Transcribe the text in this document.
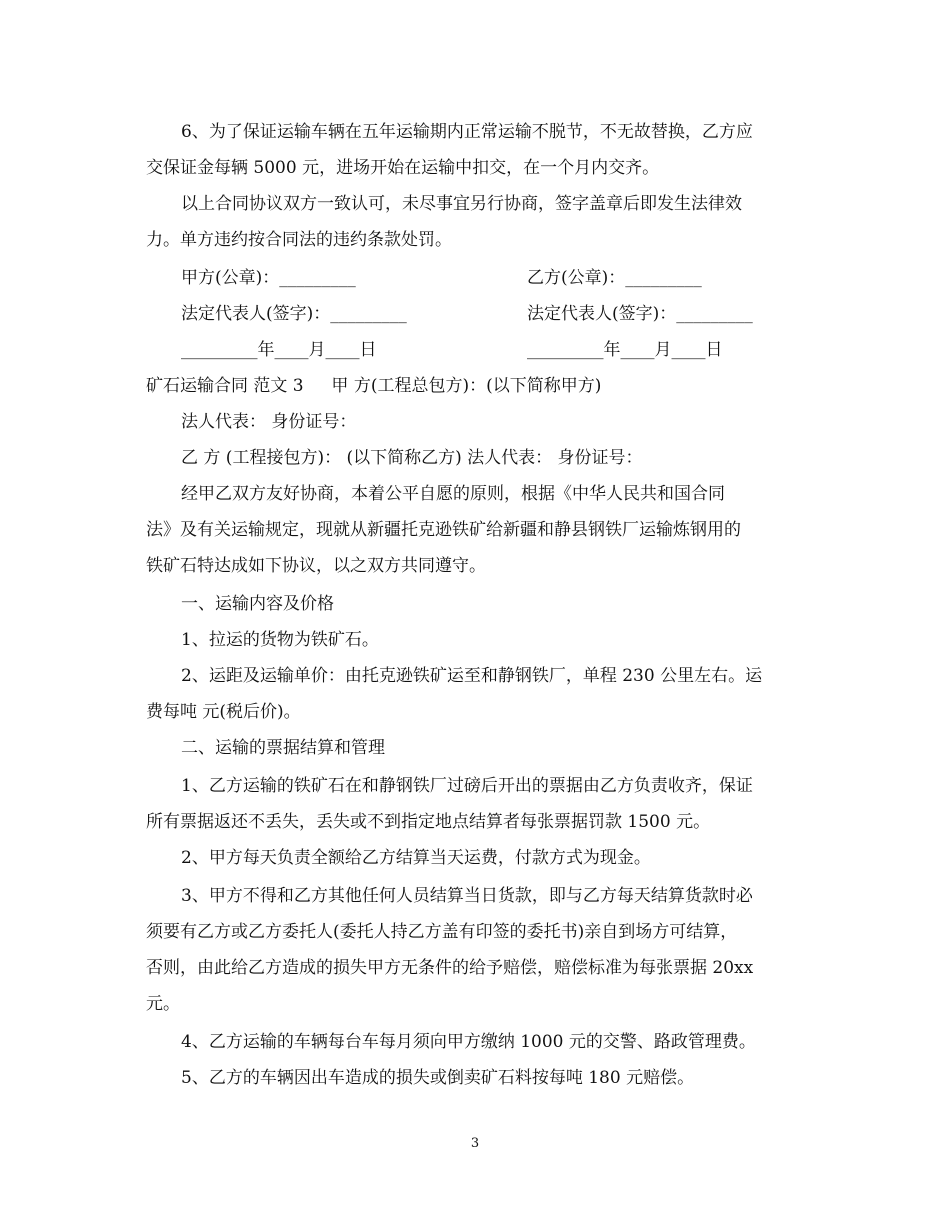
6、为了保证运输车辆在五年运输期内正常运输不脱节，不无故替换，乙方应
交保证金每辆 5000 元，进场开始在运输中扣交，在一个月内交齐。
以上合同协议双方一致认可，未尽事宜另行协商，签字盖章后即发生法律效
力。单方违约按合同法的违约条款处罚。
甲方(公章)：_________	乙方(公章)：_________
法定代表人(签字)：_________	法定代表人(签字)：_________
_________年____月____日	_________年____月____日
矿石运输合同 范文 3 　 甲 方(工程总包方)：(以下简称甲方)
法人代表： 身份证号：
乙 方 (工程接包方)： (以下简称乙方) 法人代表： 身份证号：
经甲乙双方友好协商，本着公平自愿的原则，根据《中华人民共和国合同
法》及有关运输规定，现就从新疆托克逊铁矿给新疆和静县钢铁厂运输炼钢用的
铁矿石特达成如下协议，以之双方共同遵守。
一、运输内容及价格
1、拉运的货物为铁矿石。
2、运距及运输单价：由托克逊铁矿运至和静钢铁厂，单程 230 公里左右。运
费每吨 元(税后价)。
二、运输的票据结算和管理
1、乙方运输的铁矿石在和静钢铁厂过磅后开出的票据由乙方负责收齐，保证
所有票据返还不丢失，丢失或不到指定地点结算者每张票据罚款 1500 元。
2、甲方每天负责全额给乙方结算当天运费，付款方式为现金。
3、甲方不得和乙方其他任何人员结算当日货款，即与乙方每天结算货款时必
须要有乙方或乙方委托人(委托人持乙方盖有印签的委托书)亲自到场方可结算，
否则，由此给乙方造成的损失甲方无条件的给予赔偿，赔偿标准为每张票据 20xx
元。
4、乙方运输的车辆每台车每月须向甲方缴纳 1000 元的交警、路政管理费。
5、乙方的车辆因出车造成的损失或倒卖矿石料按每吨 180 元赔偿。
3
